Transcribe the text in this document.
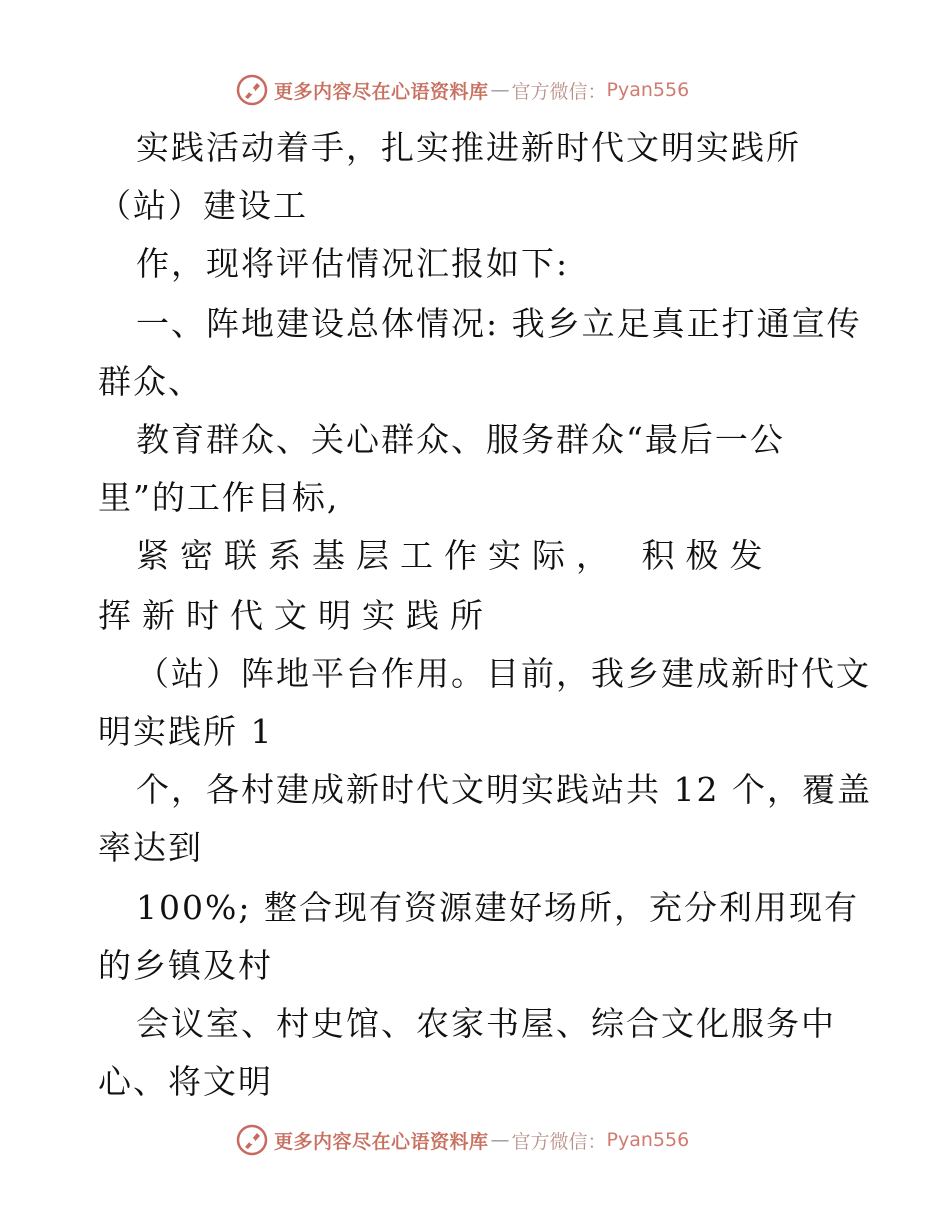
更多内容尽在心语资料库 — 官方微信： Pyan556
实践活动着手，扎实推进新时代文明实践所
（站）建设工
作，现将评估情况汇报如下:
一、阵地建设总体情况: 我乡立足真正打通宣传
群众、
教育群众、关心群众、服务群众“最后一公
里”的工作目标,
紧密联系基层工作实际， 积极发
挥新时代文明实践所
（站）阵地平台作用。目前，我乡建成新时代文
明实践所 1
个，各村建成新时代文明实践站共 12 个，覆盖
率达到
100%; 整合现有资源建好场所，充分利用现有
的乡镇及村
会议室、村史馆、农家书屋、综合文化服务中
心、将文明
更多内容尽在心语资料库 — 官方微信： Pyan556
